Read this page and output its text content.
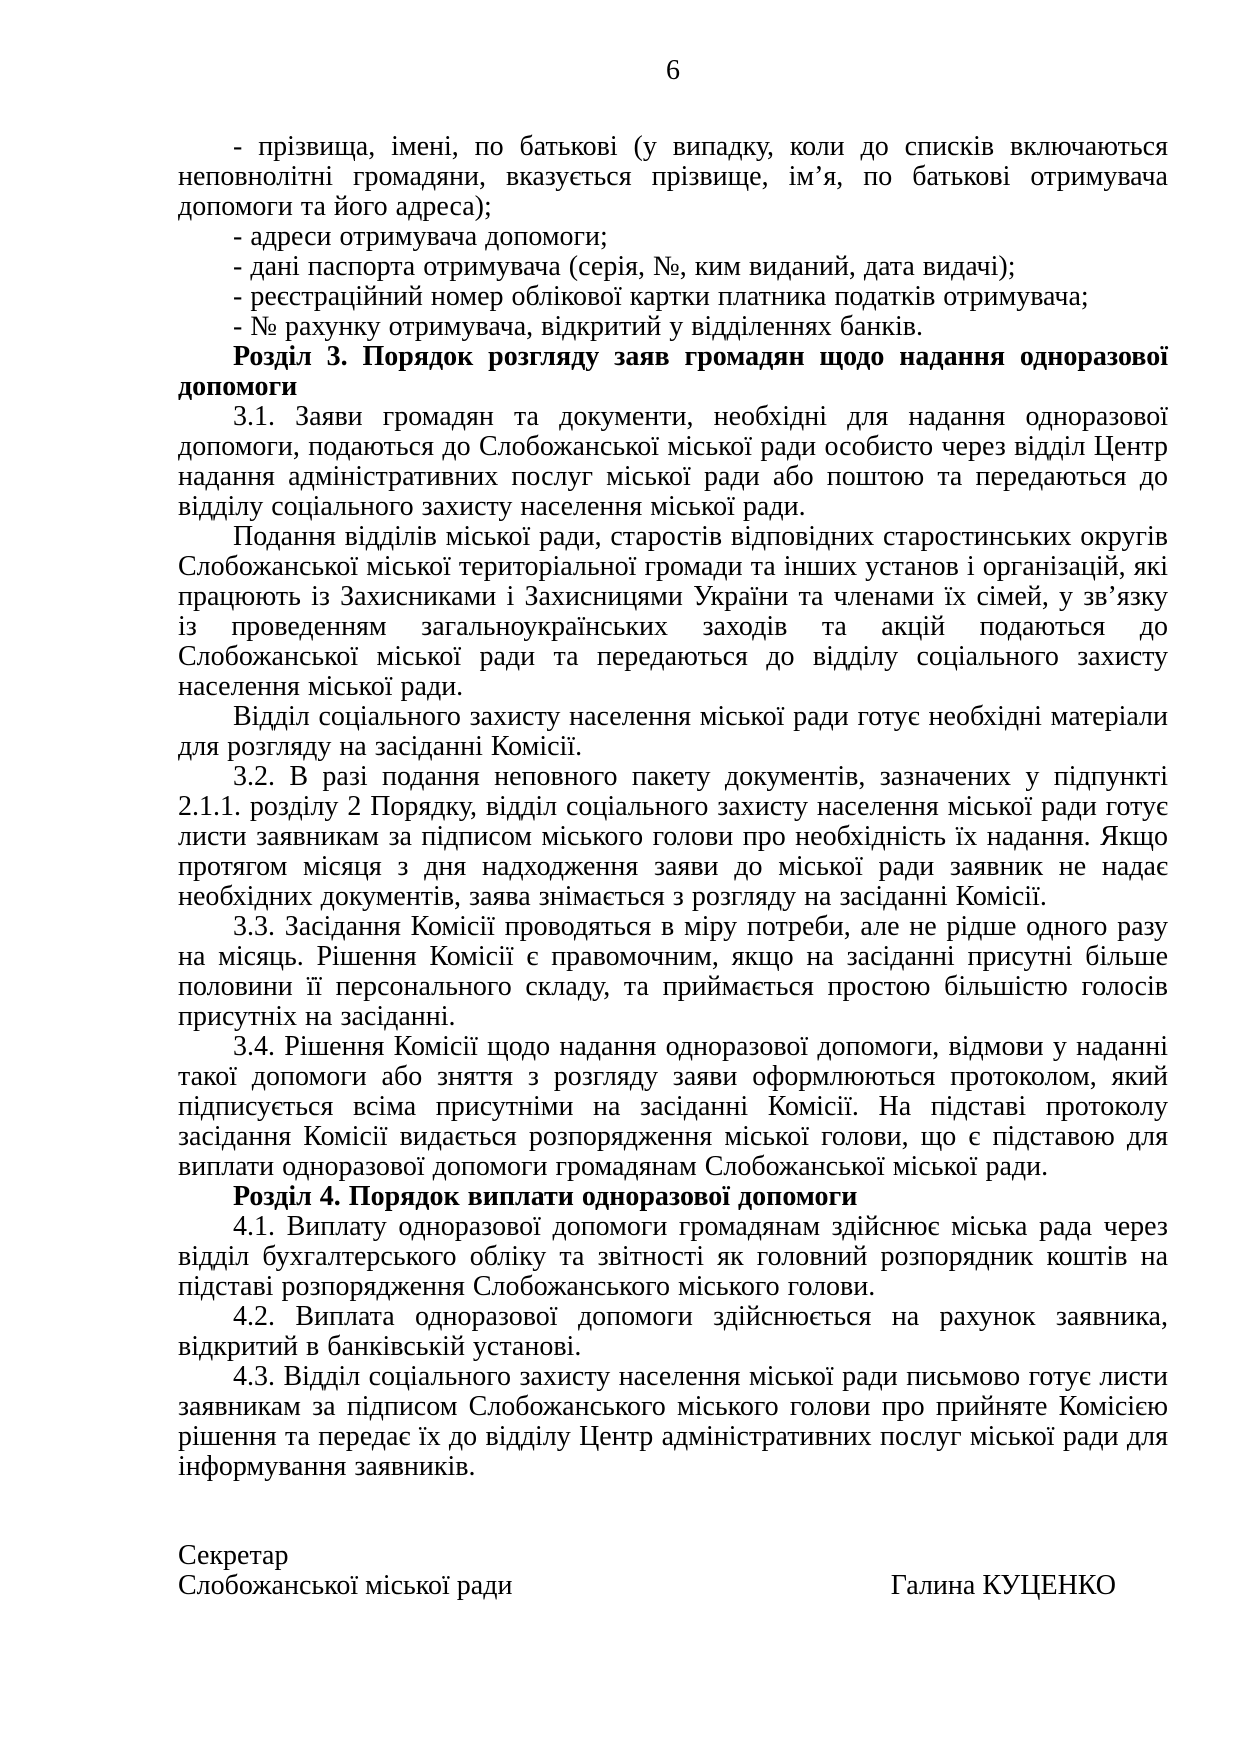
6

- прізвища, імені, по батькові (у випадку, коли до списків включаються неповнолітні громадяни, вказується прізвище, ім’я, по батькові отримувача допомоги та його адреса);

- адреси отримувача допомоги;

- дані паспорта отримувача (серія, №, ким виданий, дата видачі);

- реєстраційний номер облікової картки платника податків отримувача;

- № рахунку отримувача, відкритий у відділеннях банків.

Розділ 3. Порядок розгляду заяв громадян щодо надання одноразової допомоги

3.1. Заяви громадян та документи, необхідні для надання одноразової допомоги, подаються до Слобожанської міської ради особисто через відділ Центр надання адміністративних послуг міської ради або поштою та передаються до відділу соціального захисту населення міської ради.

Подання відділів міської ради, старостів відповідних старостинських округів Слобожанської міської територіальної громади та інших установ і організацій, які працюють із Захисниками і Захисницями України та членами їх сімей, у зв’язку із проведенням загальноукраїнських заходів та акцій подаються до Слобожанської міської ради та передаються до відділу соціального захисту населення міської ради.

Відділ соціального захисту населення міської ради готує необхідні матеріали для розгляду на засіданні Комісії.

3.2. В разі подання неповного пакету документів, зазначених у підпункті 2.1.1. розділу 2 Порядку, відділ соціального захисту населення міської ради готує листи заявникам за підписом міського голови про необхідність їх надання. Якщо протягом місяця з дня надходження заяви до міської ради заявник не надає необхідних документів, заява знімається з розгляду на засіданні Комісії.

3.3. Засідання Комісії проводяться в міру потреби, але не рідше одного разу на місяць. Рішення Комісії є правомочним, якщо на засіданні присутні більше половини її персонального складу, та приймається простою більшістю голосів присутніх на засіданні.

3.4. Рішення Комісії щодо надання одноразової допомоги, відмови у наданні такої допомоги або зняття з розгляду заяви оформлюються протоколом, який підписується всіма присутніми на засіданні Комісії. На підставі протоколу засідання Комісії видається розпорядження міської голови, що є підставою для виплати одноразової допомоги громадянам Слобожанської міської ради.

Розділ 4. Порядок виплати одноразової допомоги

4.1. Виплату одноразової допомоги громадянам здійснює міська рада через відділ бухгалтерського обліку та звітності як головний розпорядник коштів на підставі розпорядження Слобожанського міського голови.

4.2. Виплата одноразової допомоги здійснюється на рахунок заявника, відкритий в банківській установі.

4.3. Відділ соціального захисту населення міської ради письмово готує листи заявникам за підписом Слобожанського міського голови про прийняте Комісією рішення та передає їх до відділу Центр адміністративних послуг міської ради для інформування заявників.

Секретар

Слобожанської міської ради	Галина КУЦЕНКО
